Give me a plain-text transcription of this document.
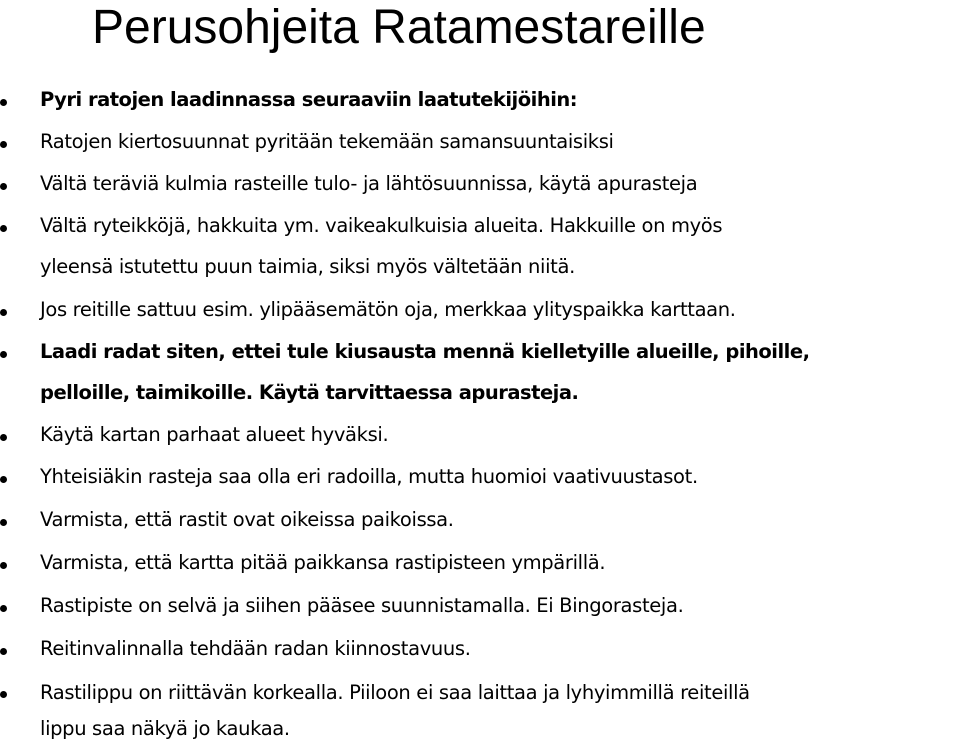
Perusohjeita Ratamestareille
Pyri ratojen laadinnassa seuraaviin laatutekijöihin:
Ratojen kiertosuunnat pyritään tekemään samansuuntaisiksi
Vältä teräviä kulmia rasteille tulo- ja lähtösuunnissa, käytä apurasteja
Vältä ryteikköjä, hakkuita ym. vaikeakulkuisia alueita. Hakkuille on myös
yleensä istutettu puun taimia, siksi myös vältetään niitä.
Jos reitille sattuu esim. ylipääsemätön oja, merkkaa ylityspaikka karttaan.
Laadi radat siten, ettei tule kiusausta mennä kielletyille alueille, pihoille,
pelloille, taimikoille. Käytä tarvittaessa apurasteja.
Käytä kartan parhaat alueet hyväksi.
Yhteisiäkin rasteja saa olla eri radoilla, mutta huomioi vaativuustasot.
Varmista, että rastit ovat oikeissa paikoissa.
Varmista, että kartta pitää paikkansa rastipisteen ympärillä.
Rastipiste on selvä ja siihen pääsee suunnistamalla. Ei Bingorasteja.
Reitinvalinnalla tehdään radan kiinnostavuus.
Rastilippu on riittävän korkealla. Piiloon ei saa laittaa ja lyhyimmillä reiteillä
lippu saa näkyä jo kaukaa.
